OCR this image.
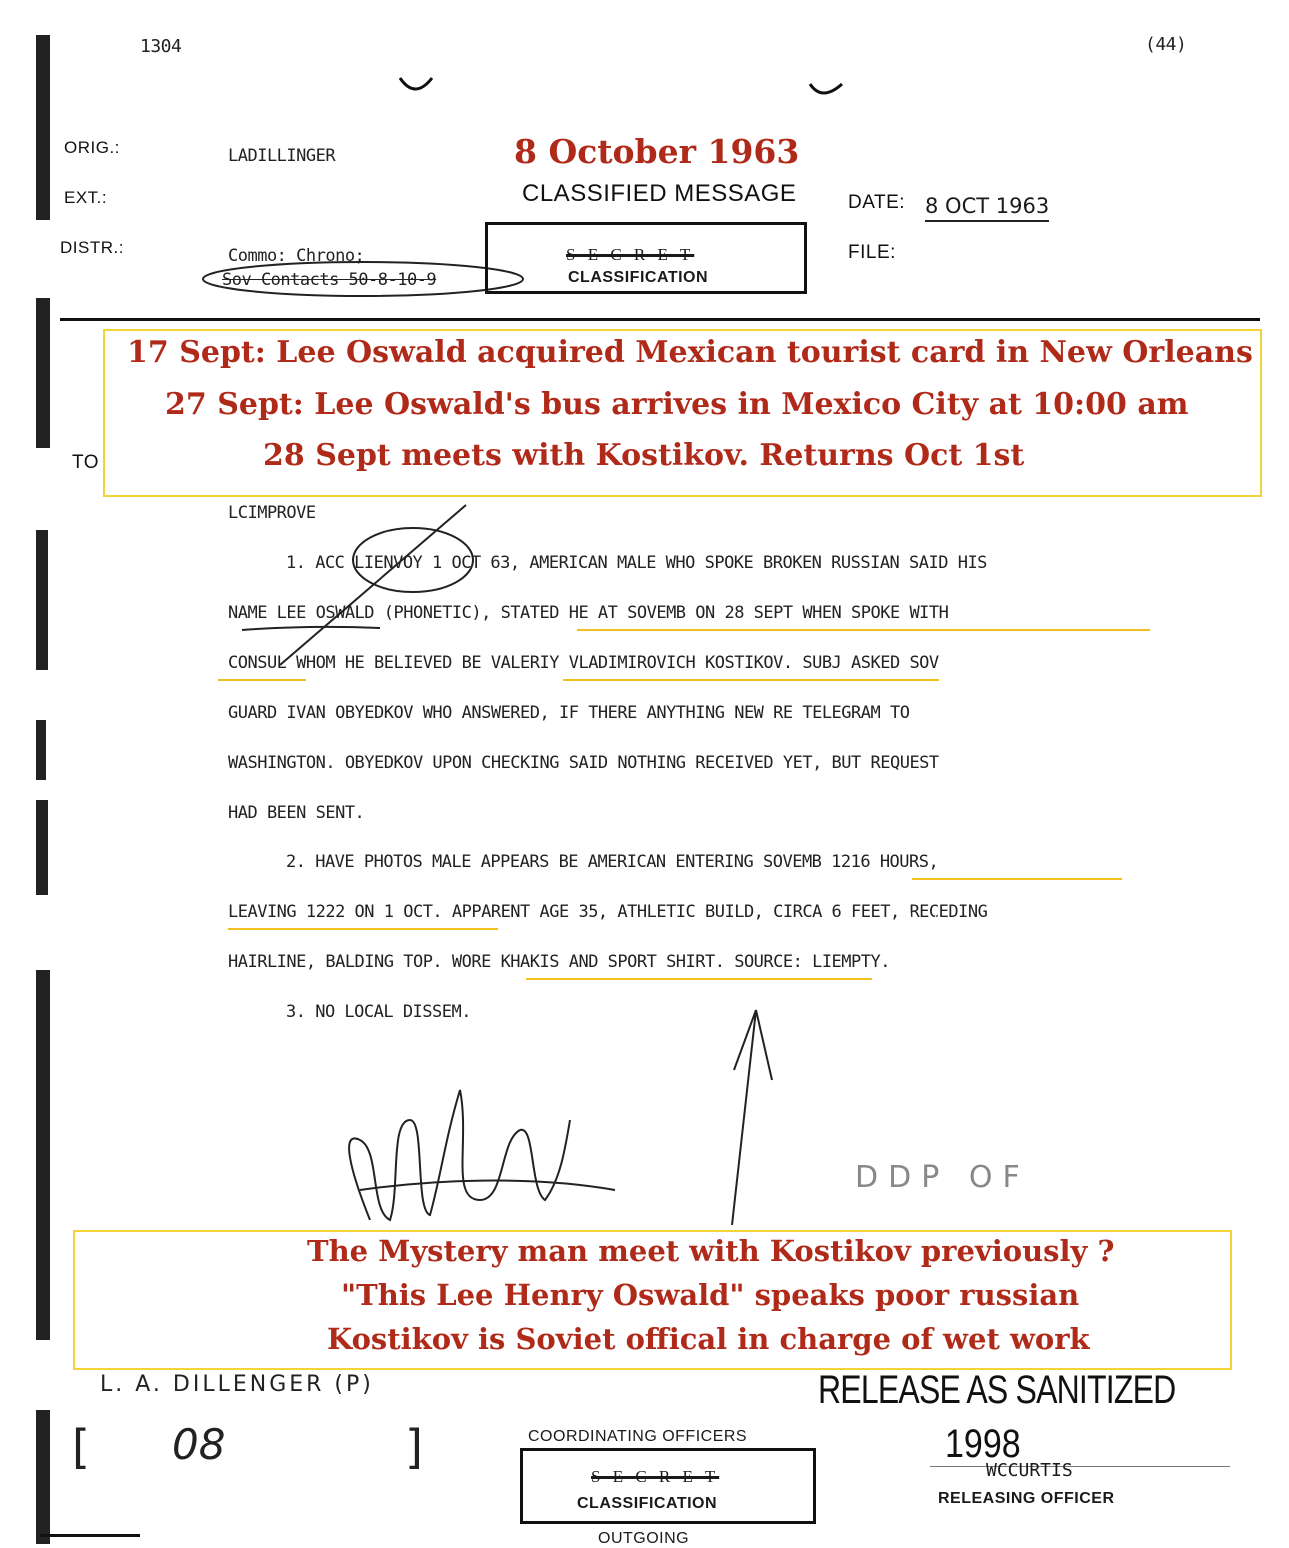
1304	(44)
ORIG.:	LADILLINGER
EXT.:
DISTR.:	Commo: Chrono;
Sov Contacts 50-8-10-9
8 October 1963
CLASSIFIED MESSAGE
S E C R E T
CLASSIFICATION
DATE: 8 OCT 1963
FILE:
TO
17 Sept: Lee Oswald acquired Mexican tourist card in New Orleans
27 Sept: Lee Oswald's bus arrives in Mexico City at 10:00 am
28 Sept meets with Kostikov. Returns Oct 1st
LCIMPROVE
1. ACC LIENVOY 1 OCT 63, AMERICAN MALE WHO SPOKE BROKEN RUSSIAN SAID HIS
NAME LEE OSWALD (PHONETIC), STATED HE AT SOVEMB ON 28 SEPT WHEN SPOKE WITH
CONSUL WHOM HE BELIEVED BE VALERIY VLADIMIROVICH KOSTIKOV. SUBJ ASKED SOV
GUARD IVAN OBYEDKOV WHO ANSWERED, IF THERE ANYTHING NEW RE TELEGRAM TO
WASHINGTON. OBYEDKOV UPON CHECKING SAID NOTHING RECEIVED YET, BUT REQUEST
HAD BEEN SENT.
2. HAVE PHOTOS MALE APPEARS BE AMERICAN ENTERING SOVEMB 1216 HOURS,
LEAVING 1222 ON 1 OCT. APPARENT AGE 35, ATHLETIC BUILD, CIRCA 6 FEET, RECEDING
HAIRLINE, BALDING TOP. WORE KHAKIS AND SPORT SHIRT. SOURCE: LIEMPTY.
3. NO LOCAL DISSEM.
DDP OF
The Mystery man meet with Kostikov previously ?
"This Lee Henry Oswald" speaks poor russian
Kostikov is Soviet offical in charge of wet work
L. A. DILLENGER (P)
[ 08	]
RELEASE AS SANITIZED
1998
COORDINATING OFFICERS
S E C R E T
CLASSIFICATION
OUTGOING
WCCURTIS
RELEASING OFFICER
